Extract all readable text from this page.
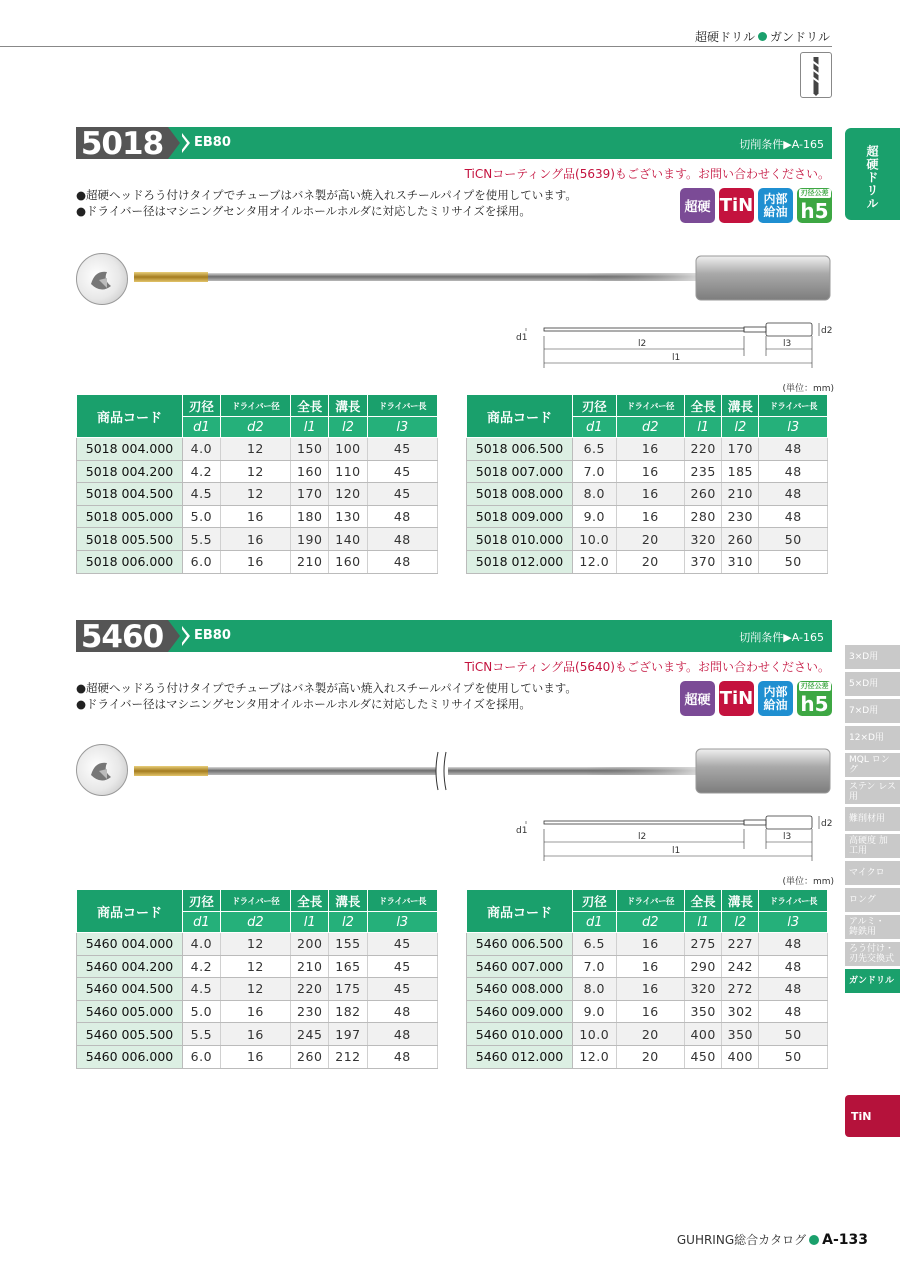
超硬ドリル ガンドリル
超硬ドリル
3×D用
5×D用
7×D用
12×D用
MQL ロング
ステン レス用
難削材用
高硬度 加工用
マイクロ
ロング
アルミ・ 鋳鉄用
ろう付け・ 刃先交換式
ガンドリル
TiN
5018	EB80	切削条件▶A-165
TiCNコーティング品(5639)もございます。お問い合わせください。
●超硬ヘッドろう付けタイプでチューブはバネ製が高い焼入れスチールパイプを使用しています。
●ドライバー径はマシニングセンタ用オイルホールホルダに対応したミリサイズを採用。	超硬 TiN 内部給油
刃径公差
h5
d1
d2
l2	l3
l1
(単位：mm)
商品コード	刃径	ドライバー径	全長	溝長	ドライバー長
	d1	d2	l1	l2	l3
5018 004.000	4.0	12	150	100	45
5018 004.200	4.2	12	160	110	45
5018 004.500	4.5	12	170	120	45
5018 005.000	5.0	16	180	130	48
5018 005.500	5.5	16	190	140	48
5018 006.000	6.0	16	210	160	48
商品コード	刃径	ドライバー径	全長	溝長	ドライバー長
	d1	d2	l1	l2	l3
5018 006.500	6.5	16	220	170	48
5018 007.000	7.0	16	235	185	48
5018 008.000	8.0	16	260	210	48
5018 009.000	9.0	16	280	230	48
5018 010.000	10.0	20	320	260	50
5018 012.000	12.0	20	370	310	50
5460	EB80	切削条件▶A-165
TiCNコーティング品(5640)もございます。お問い合わせください。
●超硬ヘッドろう付けタイプでチューブはバネ製が高い焼入れスチールパイプを使用しています。
●ドライバー径はマシニングセンタ用オイルホールホルダに対応したミリサイズを採用。	超硬 TiN 内部給油
刃径公差
h5
d1
d2
l2	l3
l1
(単位：mm)
商品コード	刃径	ドライバー径	全長	溝長	ドライバー長
	d1	d2	l1	l2	l3
5460 004.000	4.0	12	200	155	45
5460 004.200	4.2	12	210	165	45
5460 004.500	4.5	12	220	175	45
5460 005.000	5.0	16	230	182	48
5460 005.500	5.5	16	245	197	48
5460 006.000	6.0	16	260	212	48
商品コード	刃径	ドライバー径	全長	溝長	ドライバー長
	d1	d2	l1	l2	l3
5460 006.500	6.5	16	275	227	48
5460 007.000	7.0	16	290	242	48
5460 008.000	8.0	16	320	272	48
5460 009.000	9.0	16	350	302	48
5460 010.000	10.0	20	400	350	50
5460 012.000	12.0	20	450	400	50
GUHRING総合カタログ A-133
